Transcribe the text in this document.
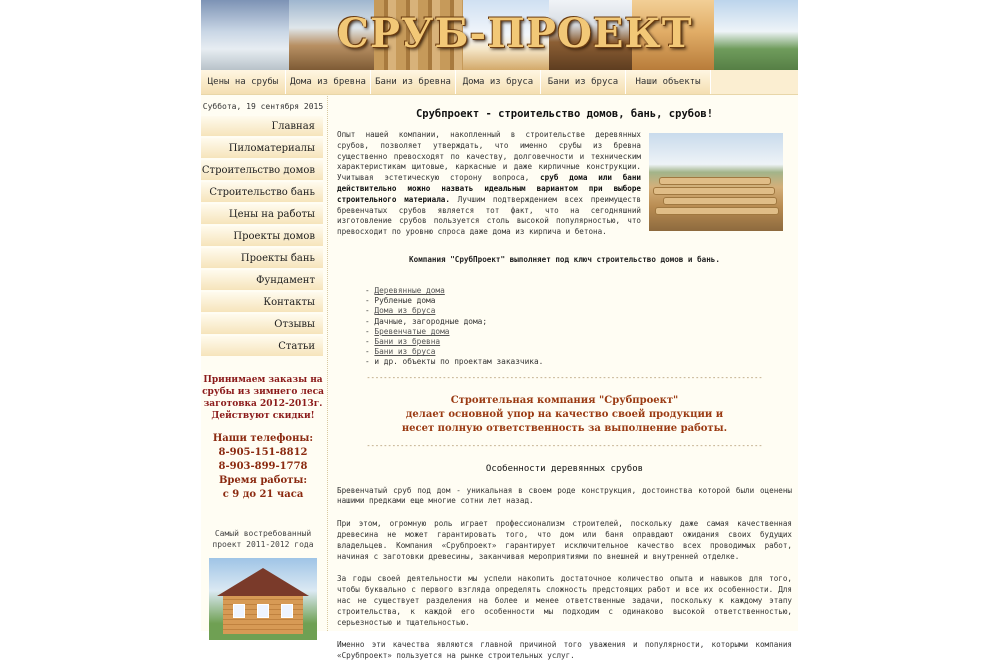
СРУБ-ПРОЕКТ
Цены на срубы	Дома из бревна	Бани из бревна	Дома из бруса	Бани из бруса	Наши объекты
Суббота, 19 сентября 2015
Главная
Пиломатериалы
Строительство домов
Строительство бань
Цены на работы
Проекты домов
Проекты бань
Фундамент
Контакты
Отзывы
Статьи
Принимаем заказы на
срубы из зимнего леса
заготовка 2012-2013г.
Действуют скидки!
Наши телефоны:
8-905-151-8812
8-903-899-1778
Время работы:
с 9 до 21 часа
Самый востребованный
проект 2011-2012 года
Срубпроект - строительство домов, бань, срубов!

Опыт нашей компании, накопленный в строительстве деревянных срубов, позволяет утверждать, что именно срубы из бревна существенно превосходят по качеству, долговечности и техническим характеристикам щитовые, каркасные и даже кирпичные конструкции. Учитывая эстетическую сторону вопроса, сруб дома или бани действительно можно назвать идеальным вариантом при выборе строительного материала. Лучшим подтверждением всех преимуществ бревенчатых срубов является тот факт, что на сегодняшний изготовление срубов пользуется столь высокой популярностью, что превосходит по уровню спроса даже дома из кирпича и бетона.

Компания "СрубПроект" выполняет под ключ строительство домов и бань.
- Деревянные дома
- Рубленые дома
- Дома из бруса
- Дачные, загородные дома;
- Бревенчатые дома
- Бани из бревна
- Бани из бруса
- и др. объекты по проектам заказчика.
----------------------------------------------------------------------------------------------
Строительная компания "Срубпроект"
делает основной упор на качество своей продукции и
несет полную ответственность за выполнение работы.
----------------------------------------------------------------------------------------------
Особенности деревянных срубов

Бревенчатый сруб под дом - уникальная в своем роде конструкция, достоинства которой были оценены нашими предками еще многие сотни лет назад.

При этом, огромную роль играет профессионализм строителей, поскольку даже самая качественная древесина не может гарантировать того, что дом или баня оправдают ожидания своих будущих владельцев. Компания «Срубпроект» гарантирует исключительное качество всех проводимых работ, начиная с заготовки древесины, заканчивая мероприятиями по внешней и внутренней отделке.

За годы своей деятельности мы успели накопить достаточное количество опыта и навыков для того, чтобы буквально с первого взгляда определять сложность предстоящих работ и все их особенности. Для нас не существует разделения на более и менее ответственные задачи, поскольку к каждому этапу строительства, к каждой его особенности мы подходим с одинаково высокой ответственностью, серьезностью и тщательностью.

Именно эти качества являются главной причиной того уважения и популярности, которыми компания «Срубпроект» пользуется на рынке строительных услуг.
